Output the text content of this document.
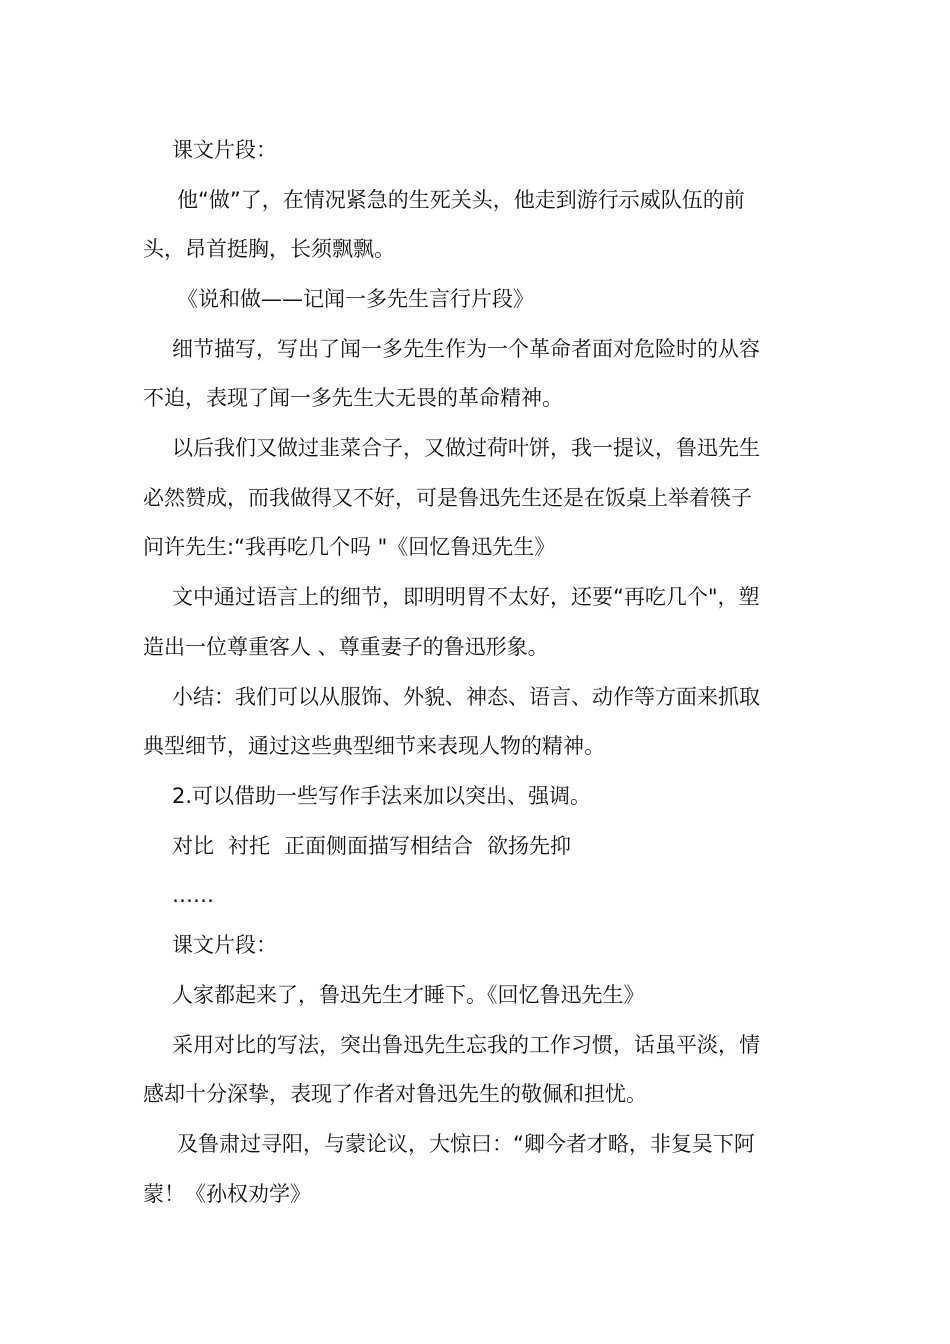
课文片段：
他“做”了，在情况紧急的生死关头，他走到游行示威队伍的前
头，昂首挺胸，长须飘飘。
《说和做——记闻一多先生言行片段》
细节描写，写出了闻一多先生作为一个革命者面对危险时的从容
不迫，表现了闻一多先生大无畏的革命精神。
以后我们又做过韭菜合子，又做过荷叶饼，我一提议，鲁迅先生
必然赞成，而我做得又不好，可是鲁迅先生还是在饭桌上举着筷子
问许先生:“我再吃几个吗 "《回忆鲁迅先生》
文中通过语言上的细节，即明明胃不太好，还要“再吃几个"，塑
造出一位尊重客人 、尊重妻子的鲁迅形象。
小结：我们可以从服饰、外貌、神态、语言、动作等方面来抓取
典型细节，通过这些典型细节来表现人物的精神。
2.可以借助一些写作手法来加以突出、强调。
对比 衬托 正面侧面描写相结合 欲扬先抑
……
课文片段：
人家都起来了，鲁迅先生才睡下。《回忆鲁迅先生》
采用对比的写法，突出鲁迅先生忘我的工作习惯，话虽平淡，情
感却十分深挚，表现了作者对鲁迅先生的敬佩和担忧。
及鲁肃过寻阳，与蒙论议，大惊曰：“卿今者才略，非复吴下阿
蒙！《孙权劝学》
